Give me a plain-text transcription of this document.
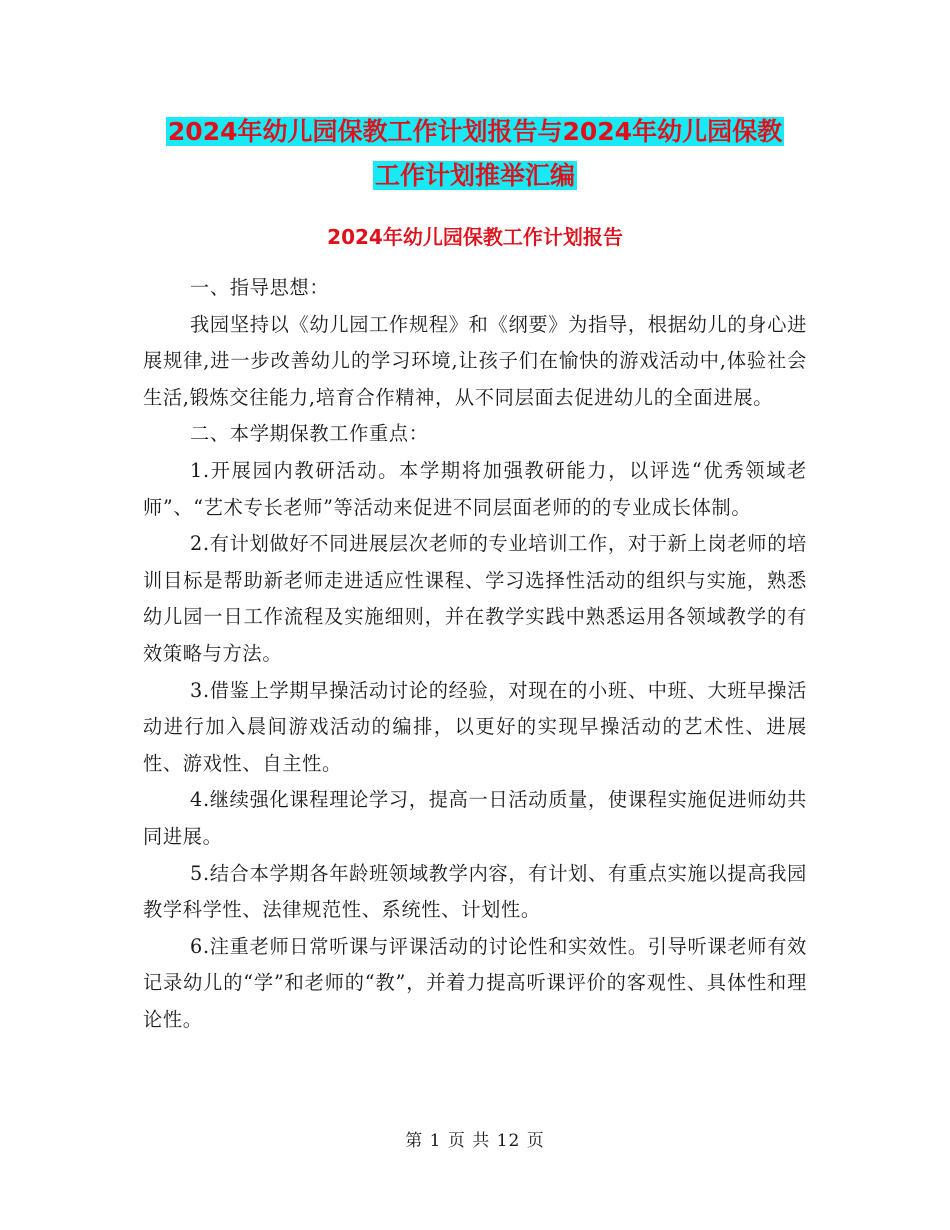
2024年幼儿园保教工作计划报告与2024年幼儿园保教
工作计划推举汇编
2024年幼儿园保教工作计划报告

一、指导思想：

我园坚持以《幼儿园工作规程》和《纲要》为指导，根据幼儿的身心进展规律,进一步改善幼儿的学习环境,让孩子们在愉快的游戏活动中,体验社会生活,锻炼交往能力,培育合作精神，从不同层面去促进幼儿的全面进展。

二、本学期保教工作重点：

1.开展园内教研活动。本学期将加强教研能力，以评选“优秀领域老师”、“艺术专长老师”等活动来促进不同层面老师的的专业成长体制。

2.有计划做好不同进展层次老师的专业培训工作，对于新上岗老师的培训目标是帮助新老师走进适应性课程、学习选择性活动的组织与实施，熟悉幼儿园一日工作流程及实施细则，并在教学实践中熟悉运用各领域教学的有效策略与方法。

3.借鉴上学期早操活动讨论的经验，对现在的小班、中班、大班早操活动进行加入晨间游戏活动的编排，以更好的实现早操活动的艺术性、进展性、游戏性、自主性。

4.继续强化课程理论学习，提高一日活动质量，使课程实施促进师幼共同进展。

5.结合本学期各年龄班领域教学内容，有计划、有重点实施以提高我园教学科学性、法律规范性、系统性、计划性。

6.注重老师日常听课与评课活动的讨论性和实效性。引导听课老师有效记录幼儿的“学”和老师的“教”，并着力提高听课评价的客观性、具体性和理论性。

第 1 页 共 12 页
